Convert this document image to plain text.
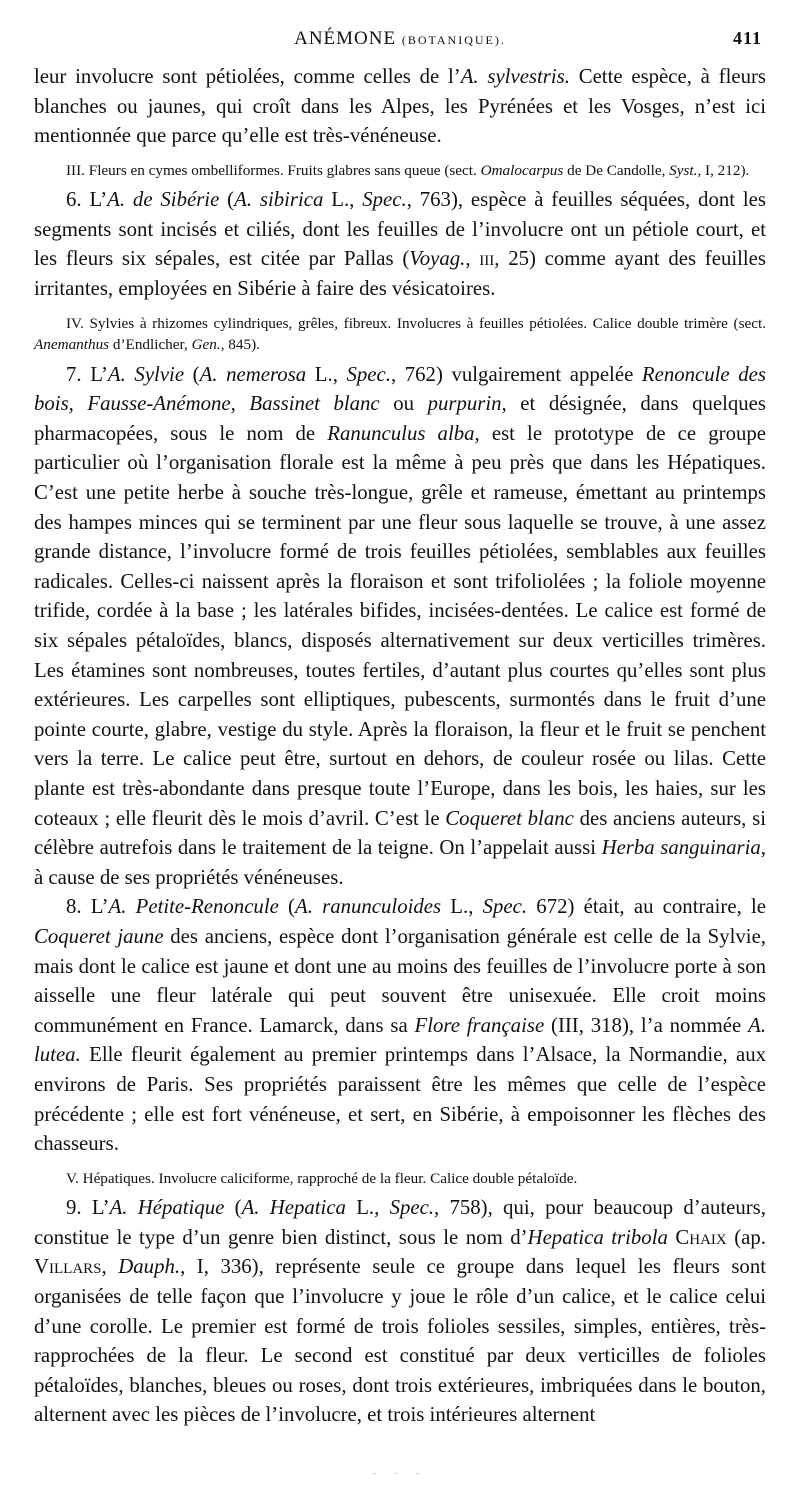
ANÉMONE (BOTANIQUE).	411

leur involucre sont pétiolées, comme celles de l’A. sylvestris. Cette espèce, à fleurs blanches ou jaunes, qui croît dans les Alpes, les Pyrénées et les Vosges, n’est ici mentionnée que parce qu’elle est très-vénéneuse.

III. Fleurs en cymes ombelliformes. Fruits glabres sans queue (sect. Omalocarpus de De Candolle, Syst., I, 212).

6. L’A. de Sibérie (A. sibirica L., Spec., 763), espèce à feuilles séquées, dont les segments sont incisés et ciliés, dont les feuilles de l’involucre ont un pétiole court, et les fleurs six sépales, est citée par Pallas (Voyag., iii, 25) comme ayant des feuilles irritantes, employées en Sibérie à faire des vésicatoires.

IV. Sylvies à rhizomes cylindriques, grêles, fibreux. Involucres à feuilles pétiolées. Calice double trimère (sect. Anemanthus d’Endlicher, Gen., 845).

7. L’A. Sylvie (A. nemerosa L., Spec., 762) vulgairement appelée Renoncule des bois, Fausse-Anémone, Bassinet blanc ou purpurin, et désignée, dans quelques pharmacopées, sous le nom de Ranunculus alba, est le prototype de ce groupe particulier où l’organisation florale est la même à peu près que dans les Hépatiques. C’est une petite herbe à souche très-longue, grêle et rameuse, émettant au printemps des hampes minces qui se terminent par une fleur sous laquelle se trouve, à une assez grande distance, l’involucre formé de trois feuilles pétiolées, semblables aux feuilles radicales. Celles-ci naissent après la floraison et sont trifoliolées ; la foliole moyenne trifide, cordée à la base ; les latérales bifides, incisées-dentées. Le calice est formé de six sépales pétaloïdes, blancs, disposés alternativement sur deux verticilles trimères. Les étamines sont nombreuses, toutes fertiles, d’autant plus courtes qu’elles sont plus extérieures. Les carpelles sont elliptiques, pubescents, surmontés dans le fruit d’une pointe courte, glabre, vestige du style. Après la floraison, la fleur et le fruit se penchent vers la terre. Le calice peut être, surtout en dehors, de couleur rosée ou lilas. Cette plante est très-abondante dans presque toute l’Europe, dans les bois, les haies, sur les coteaux ; elle fleurit dès le mois d’avril. C’est le Coqueret blanc des anciens auteurs, si célèbre autrefois dans le traitement de la teigne. On l’appelait aussi Herba sanguinaria, à cause de ses propriétés vénéneuses.

8. L’A. Petite-Renoncule (A. ranunculoides L., Spec. 672) était, au contraire, le Coqueret jaune des anciens, espèce dont l’organisation générale est celle de la Sylvie, mais dont le calice est jaune et dont une au moins des feuilles de l’involucre porte à son aisselle une fleur latérale qui peut souvent être unisexuée. Elle croit moins communément en France. Lamarck, dans sa Flore française (III, 318), l’a nommée A. lutea. Elle fleurit également au premier printemps dans l’Alsace, la Normandie, aux environs de Paris. Ses propriétés paraissent être les mêmes que celle de l’espèce précédente ; elle est fort vénéneuse, et sert, en Sibérie, à empoisonner les flèches des chasseurs.

V. Hépatiques. Involucre caliciforme, rapproché de la fleur. Calice double pétaloïde.

9. L’A. Hépatique (A. Hepatica L., Spec., 758), qui, pour beaucoup d’auteurs, constitue le type d’un genre bien distinct, sous le nom d’Hepatica tribola Chaix (ap. Villars, Dauph., I, 336), représente seule ce groupe dans lequel les fleurs sont organisées de telle façon que l’involucre y joue le rôle d’un calice, et le calice celui d’une corolle. Le premier est formé de trois folioles sessiles, simples, entières, très-rapprochées de la fleur. Le second est constitué par deux verticilles de folioles pétaloïdes, blanches, bleues ou roses, dont trois extérieures, imbriquées dans le bouton, alternent avec les pièces de l’involucre, et trois intérieures alternent

- - -
